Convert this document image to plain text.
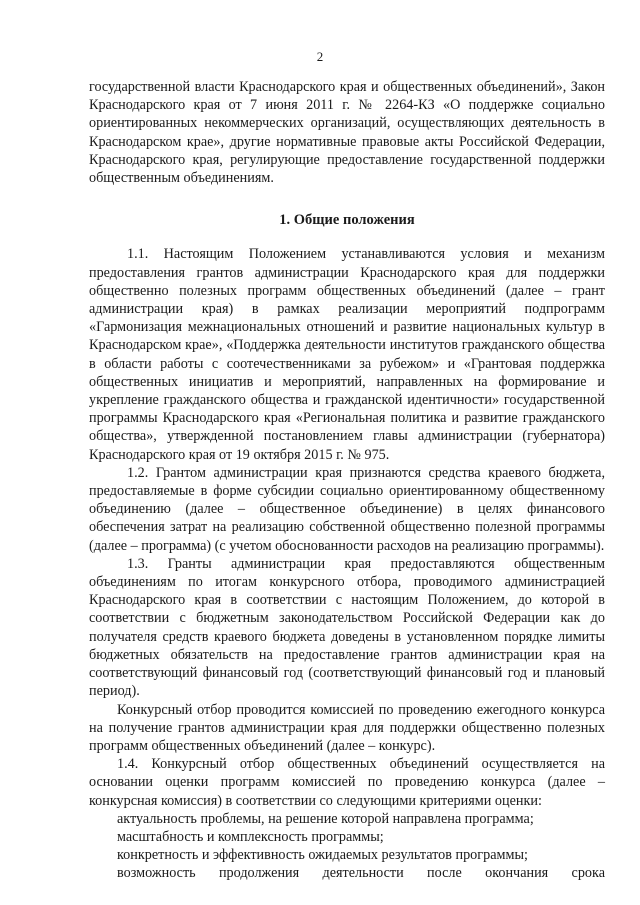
2

государственной власти Краснодарского края и общественных объединений», Закон Краснодарского края от 7 июня 2011 г. № 2264-КЗ «О поддержке социально ориентированных некоммерческих организаций, осуществляющих деятельность в Краснодарском крае», другие нормативные правовые акты Российской Федерации, Краснодарского края, регулирующие предоставление государственной поддержки общественным объединениям.

1. Общие положения

1.1. Настоящим Положением устанавливаются условия и механизм предоставления грантов администрации Краснодарского края для поддержки общественно полезных программ общественных объединений (далее – грант администрации края) в рамках реализации мероприятий подпрограмм «Гармонизация межнациональных отношений и развитие национальных культур в Краснодарском крае», «Поддержка деятельности институтов гражданского общества в области работы с соотечественниками за рубежом» и «Грантовая поддержка общественных инициатив и мероприятий, направленных на формирование и укрепление гражданского общества и гражданской идентичности» государственной программы Краснодарского края «Региональная политика и развитие гражданского общества», утвержденной постановлением главы администрации (губернатора) Краснодарского края от 19 октября 2015 г. № 975.

1.2. Грантом администрации края признаются средства краевого бюджета, предоставляемые в форме субсидии социально ориентированному общественному объединению (далее – общественное объединение) в целях финансового обеспечения затрат на реализацию собственной общественно полезной программы (далее – программа) (с учетом обоснованности расходов на реализацию программы).

1.3. Гранты администрации края предоставляются общественным объединениям по итогам конкурсного отбора, проводимого администрацией Краснодарского края в соответствии с настоящим Положением, до которой в соответствии с бюджетным законодательством Российской Федерации как до получателя средств краевого бюджета доведены в установленном порядке лимиты бюджетных обязательств на предоставление грантов администрации края на соответствующий финансовый год (соответствующий финансовый год и плановый период).

Конкурсный отбор проводится комиссией по проведению ежегодного конкурса на получение грантов администрации края для поддержки общественно полезных программ общественных объединений (далее – конкурс).

1.4. Конкурсный отбор общественных объединений осуществляется на основании оценки программ комиссией по проведению конкурса (далее – конкурсная комиссия) в соответствии со следующими критериями оценки:

актуальность проблемы, на решение которой направлена программа;

масштабность и комплексность программы;

конкретность и эффективность ожидаемых результатов программы;

возможность продолжения деятельности после окончания срока
